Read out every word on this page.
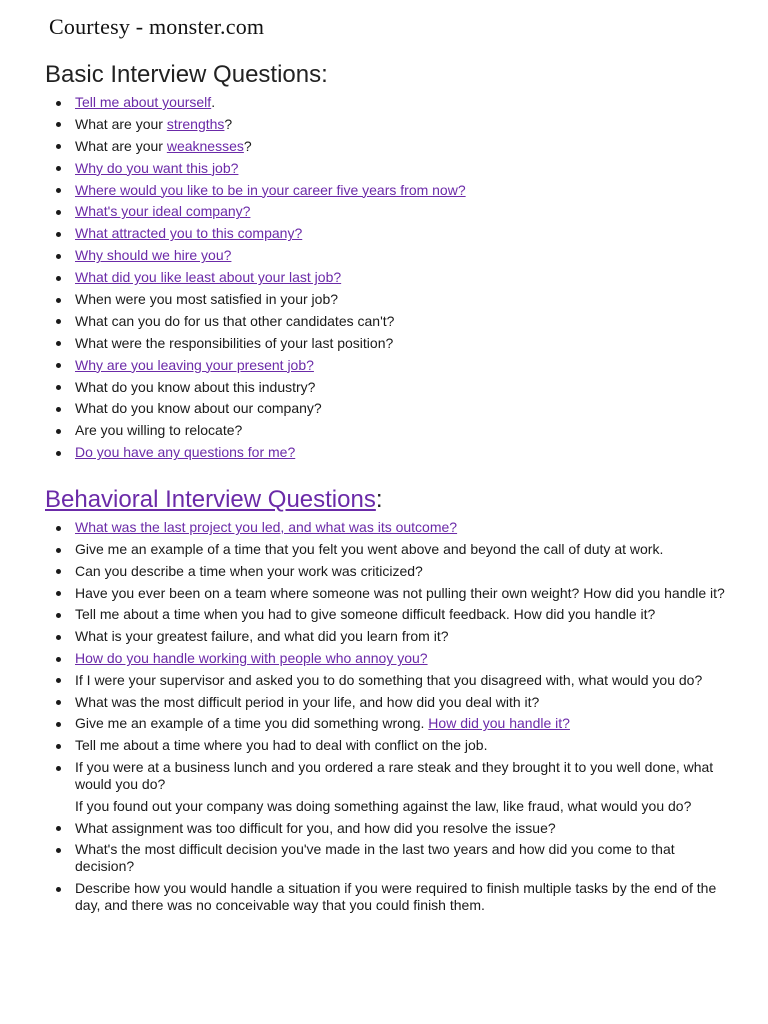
Courtesy - monster.com
Basic Interview Questions:
Tell me about yourself.
What are your strengths?
What are your weaknesses?
Why do you want this job?
Where would you like to be in your career five years from now?
What's your ideal company?
What attracted you to this company?
Why should we hire you?
What did you like least about your last job?
When were you most satisfied in your job?
What can you do for us that other candidates can't?
What were the responsibilities of your last position?
Why are you leaving your present job?
What do you know about this industry?
What do you know about our company?
Are you willing to relocate?
Do you have any questions for me?
Behavioral Interview Questions:
What was the last project you led, and what was its outcome?
Give me an example of a time that you felt you went above and beyond the call of duty at work.
Can you describe a time when your work was criticized?
Have you ever been on a team where someone was not pulling their own weight? How did you handle it?
Tell me about a time when you had to give someone difficult feedback. How did you handle it?
What is your greatest failure, and what did you learn from it?
How do you handle working with people who annoy you?
If I were your supervisor and asked you to do something that you disagreed with, what would you do?
What was the most difficult period in your life, and how did you deal with it?
Give me an example of a time you did something wrong. How did you handle it?
Tell me about a time where you had to deal with conflict on the job.
If you were at a business lunch and you ordered a rare steak and they brought it to you well done, what would you do?
If you found out your company was doing something against the law, like fraud, what would you do?
What assignment was too difficult for you, and how did you resolve the issue?
What's the most difficult decision you've made in the last two years and how did you come to that decision?
Describe how you would handle a situation if you were required to finish multiple tasks by the end of the day, and there was no conceivable way that you could finish them.
